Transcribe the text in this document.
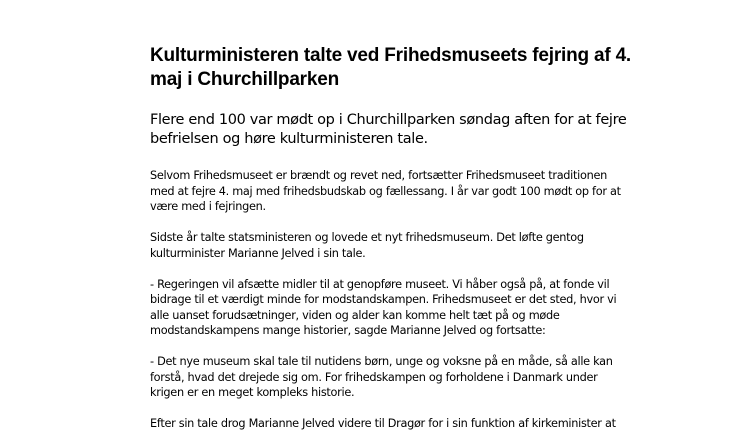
Kulturministeren talte ved Frihedsmuseets fejring af 4.
maj i Churchillparken

Flere end 100 var mødt op i Churchillparken søndag aften for at fejre
befrielsen og høre kulturministeren tale.

Selvom Frihedsmuseet er brændt og revet ned, fortsætter Frihedsmuseet traditionen
med at fejre 4. maj med frihedsbudskab og fællessang. I år var godt 100 mødt op for at
være med i fejringen.

Sidste år talte statsministeren og lovede et nyt frihedsmuseum. Det løfte gentog
kulturminister Marianne Jelved i sin tale.

- Regeringen vil afsætte midler til at genopføre museet. Vi håber også på, at fonde vil
bidrage til et værdigt minde for modstandskampen. Frihedsmuseet er det sted, hvor vi
alle uanset forudsætninger, viden og alder kan komme helt tæt på og møde
modstandskampens mange historier, sagde Marianne Jelved og fortsatte:

- Det nye museum skal tale til nutidens børn, unge og voksne på en måde, så alle kan
forstå, hvad det drejede sig om. For frihedskampen og forholdene i Danmark under
krigen er en meget kompleks historie.

Efter sin tale drog Marianne Jelved videre til Dragør for i sin funktion af kirkeminister at
